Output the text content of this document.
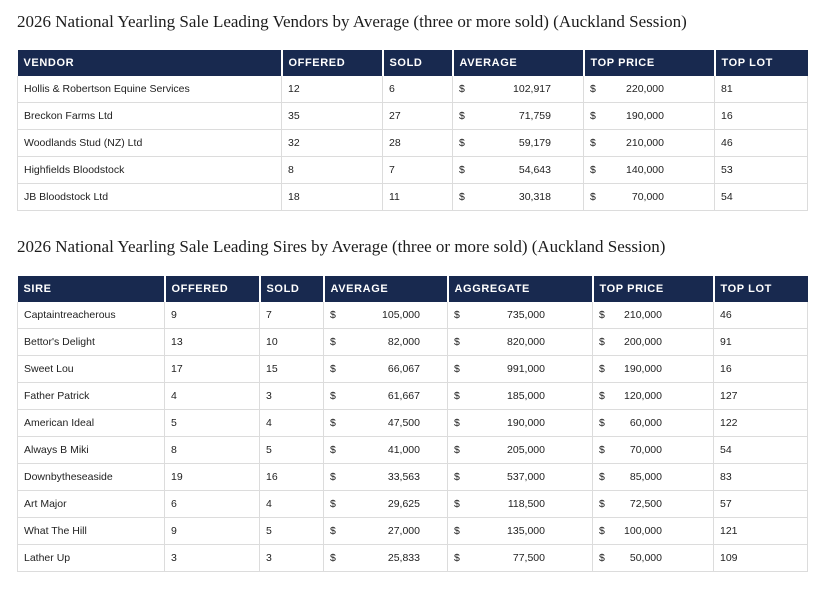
2026 National Yearling Sale Leading Vendors by Average (three or more sold) (Auckland Session)
VENDOR	OFFERED	SOLD	AVERAGE	TOP PRICE	TOP LOT
Hollis & Robertson Equine Services	12	6	$ 102,917	$ 220,000	81
Breckon Farms Ltd	35	27	$ 71,759	$ 190,000	16
Woodlands Stud (NZ) Ltd	32	28	$ 59,179	$ 210,000	46
Highfields Bloodstock	8	7	$ 54,643	$ 140,000	53
JB Bloodstock Ltd	18	11	$ 30,318	$ 70,000	54
2026 National Yearling Sale Leading Sires by Average (three or more sold) (Auckland Session)
SIRE	OFFERED	SOLD	AVERAGE	AGGREGATE	TOP PRICE	TOP LOT
Captaintreacherous	9	7	$ 105,000	$ 735,000	$ 210,000	46
Bettor's Delight	13	10	$ 82,000	$ 820,000	$ 200,000	91
Sweet Lou	17	15	$ 66,067	$ 991,000	$ 190,000	16
Father Patrick	4	3	$ 61,667	$ 185,000	$ 120,000	127
American Ideal	5	4	$ 47,500	$ 190,000	$ 60,000	122
Always B Miki	8	5	$ 41,000	$ 205,000	$ 70,000	54
Downbytheseaside	19	16	$ 33,563	$ 537,000	$ 85,000	83
Art Major	6	4	$ 29,625	$ 118,500	$ 72,500	57
What The Hill	9	5	$ 27,000	$ 135,000	$ 100,000	121
Lather Up	3	3	$ 25,833	$ 77,500	$ 50,000	109
